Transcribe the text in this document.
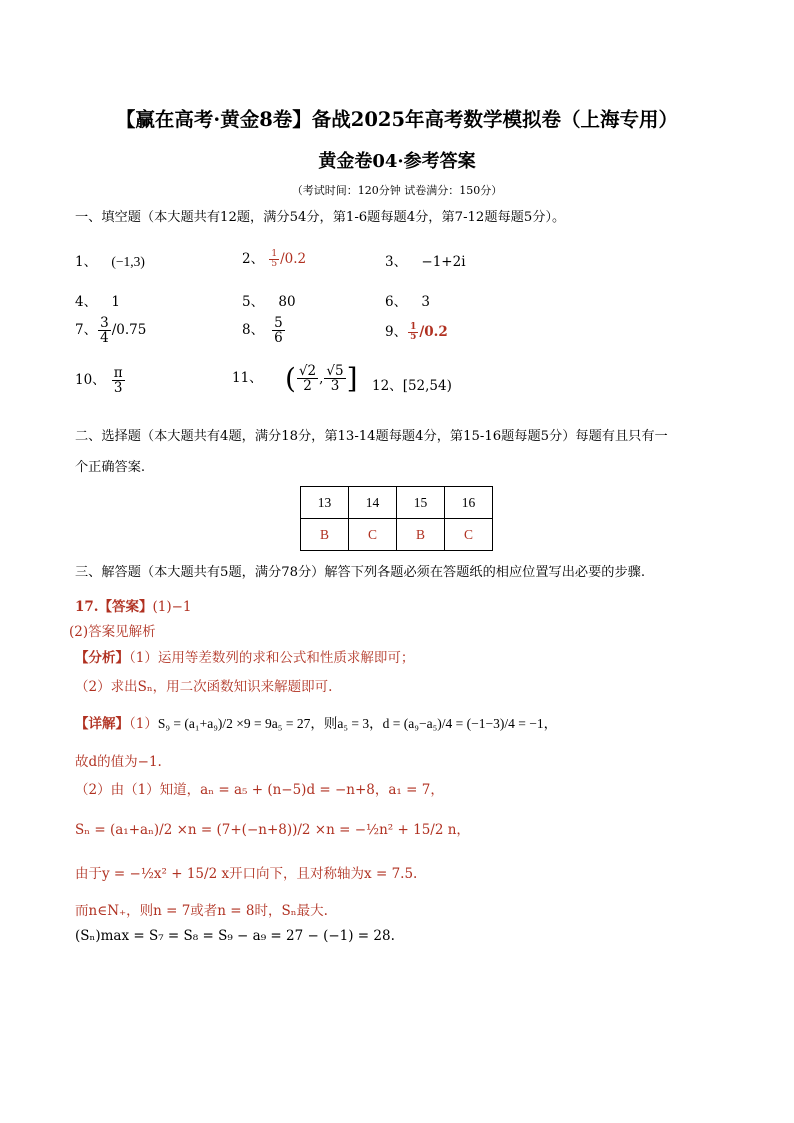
【赢在高考·黄金8卷】备战2025年高考数学模拟卷（上海专用）
黄金卷04·参考答案
（考试时间：120分钟 试卷满分：150分）
一、填空题（本大题共有12题，满分54分，第1-6题每题4分，第7-12题每题5分）。
1、 (−1,3)	2、 $\frac{1}{5} /0.2$	3、 −1+2i
4、 1	5、 80	6、 3
7、 $\frac{3}{4} /0.75$	8、 $\frac{5}{6}$	9、 $\frac{1}{5} /0.2$
10、 $\frac{\pi}{3}$	11、 ( $\frac{√2}{2}$ , $\frac{√5}{3}$ ] 12、[52,54)
二、选择题（本大题共有4题，满分18分，第13-14题每题4分，第15-16题每题5分）每题有且只有一
个正确答案.
13	14	15	16
B	C	B	C
三、解答题（本大题共有5题，满分78分）解答下列各题必须在答题纸的相应位置写出必要的步骤.
17.【答案】(1)−1
(2)答案见解析
【分析】（1）运用等差数列的求和公式和性质求解即可；
（2）求出Sₙ，用二次函数知识来解题即可.
【详解】（1）S₉ = (a₁+a₉)/2 ×9 = 9a₅ = 27，则a₅ = 3，d = (a₉−a₅)/4 = (−1−3)/4 = −1，
故d的值为−1.
（2）由（1）知道，aₙ = a₅ + (n−5)d = −n+8，a₁ = 7，
Sₙ = (a₁+aₙ)/2 ×n = (7+(−n+8))/2 ×n = −½n² + 15/2 n，
由于y = −½x² + 15/2 x开口向下，且对称轴为x = 7.5.
而n∈N₊，则n = 7或者n = 8时，Sₙ最大.
(Sₙ)max = S₇ = S₈ = S₉ − a₉ = 27 − (−1) = 28.
